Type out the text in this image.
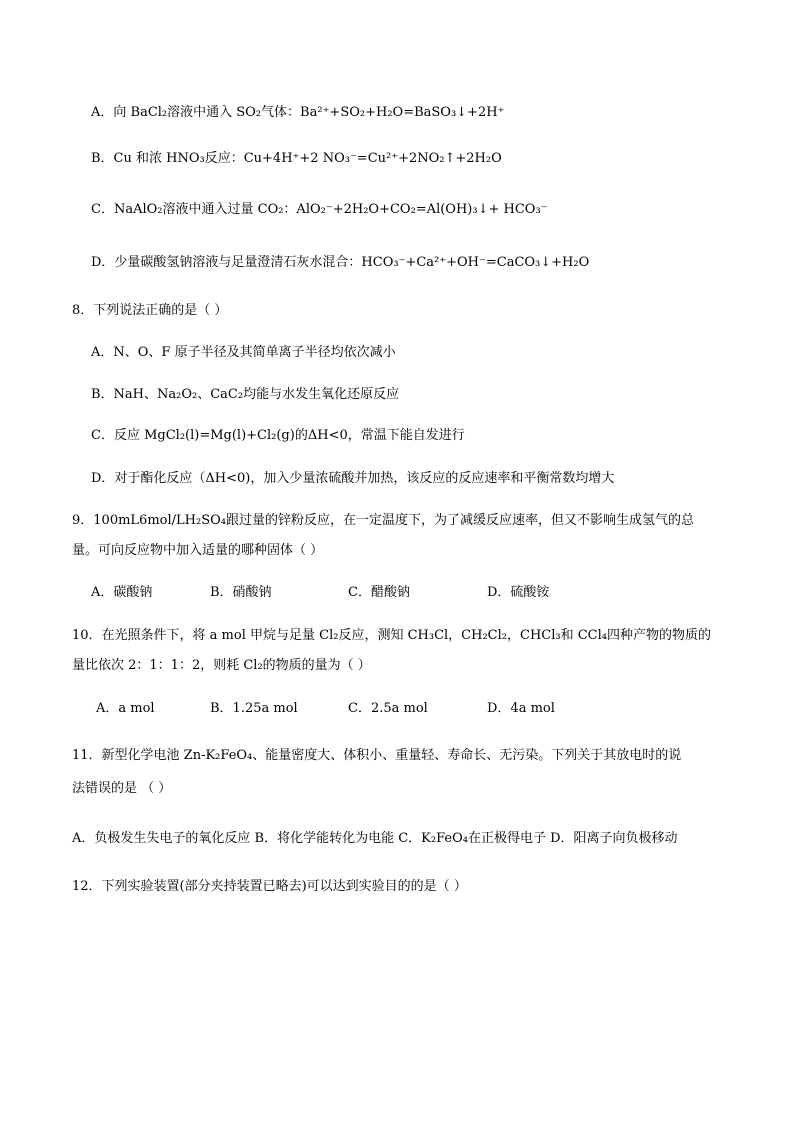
A．向 BaCl₂溶液中通入 SO₂气体：Ba²⁺+SO₂+H₂O=BaSO₃↓+2H⁺
B．Cu 和浓 HNO₃反应：Cu+4H⁺+2 NO₃⁻=Cu²⁺+2NO₂↑+2H₂O
C．NaAlO₂溶液中通入过量 CO₂：AlO₂⁻+2H₂O+CO₂=Al(OH)₃↓+ HCO₃⁻
D．少量碳酸氢钠溶液与足量澄清石灰水混合：HCO₃⁻+Ca²⁺+OH⁻=CaCO₃↓+H₂O
8．下列说法正确的是（ ）
A．N、O、F 原子半径及其简单离子半径均依次减小
B．NaH、Na₂O₂、CaC₂均能与水发生氧化还原反应
C．反应 MgCl₂(l)=Mg(l)+Cl₂(g)的ΔH<0，常温下能自发进行
D．对于酯化反应（ΔH<0)，加入少量浓硫酸并加热，该反应的反应速率和平衡常数均增大
9．100mL6mol/LH₂SO₄跟过量的锌粉反应，在一定温度下，为了减缓反应速率，但又不影响生成氢气的总
量。可向反应物中加入适量的哪种固体（ ）
A．碳酸钠	B．硝酸钠	C．醋酸钠	D．硫酸铵
10．在光照条件下，将 a mol 甲烷与足量 Cl₂反应，测知 CH₃Cl，CH₂Cl₂，CHCl₃和 CCl₄四种产物的物质的
量比依次 2：1：1：2，则耗 Cl₂的物质的量为（ ）
A．a mol	B．1.25a mol	C．2.5a mol	D．4a mol
11．新型化学电池 Zn-K₂FeO₄、能量密度大、体积小、重量轻、寿命长、无污染。下列关于其放电时的说
法错误的是 （ ）
A．负极发生失电子的氧化反应 B．将化学能转化为电能 C．K₂FeO₄在正极得电子 D．阳离子向负极移动
12．下列实验装置(部分夹持装置已略去)可以达到实验目的的是（ ）
